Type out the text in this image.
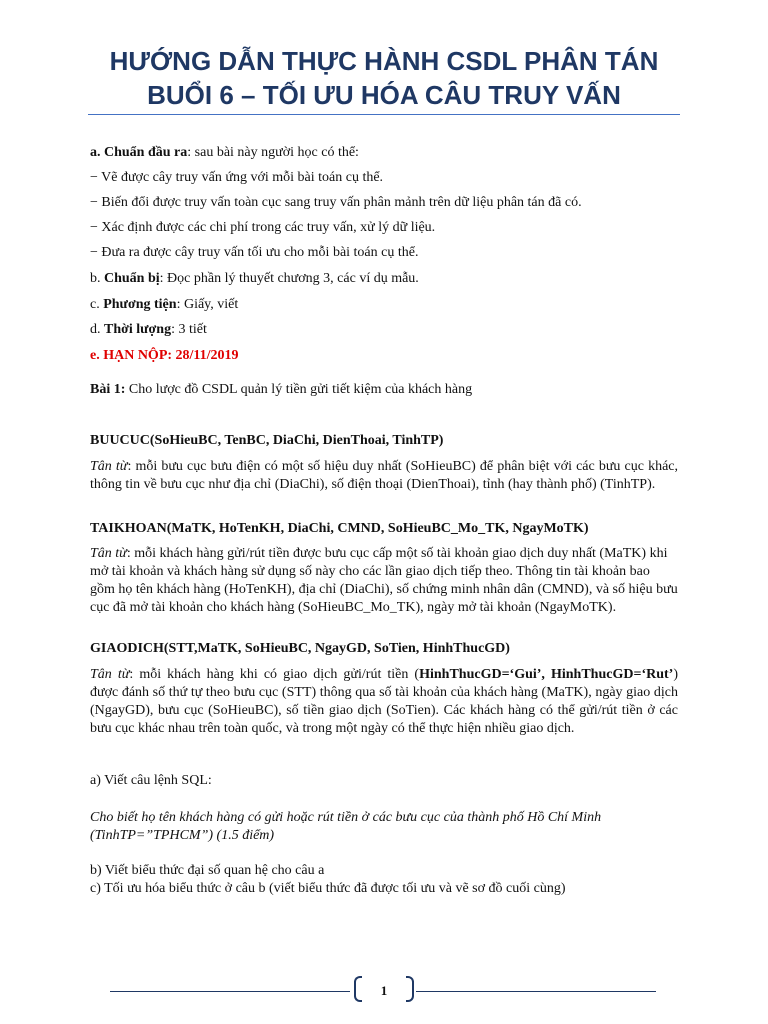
HƯỚNG DẪN THỰC HÀNH CSDL PHÂN TÁN
BUỔI 6 – TỐI ƯU HÓA CÂU TRUY VẤN
a. Chuẩn đầu ra: sau bài này người học có thể:
− Vẽ được cây truy vấn ứng với mỗi bài toán cụ thể.
− Biến đổi được truy vấn toàn cục sang truy vấn phân mảnh trên dữ liệu phân tán đã có.
− Xác định được các chi phí trong các truy vấn, xử lý dữ liệu.
− Đưa ra được cây truy vấn tối ưu cho mỗi bài toán cụ thể.
b. Chuẩn bị: Đọc phần lý thuyết chương 3, các ví dụ mẫu.
c. Phương tiện: Giấy, viết
d. Thời lượng: 3 tiết
e. HẠN NỘP: 28/11/2019
Bài 1: Cho lược đồ CSDL quản lý tiền gửi tiết kiệm của khách hàng
BUUCUC(SoHieuBC, TenBC, DiaChi, DienThoai, TinhTP)
Tân từ: mỗi bưu cục bưu điện có một số hiệu duy nhất (SoHieuBC) để phân biệt với các bưu cục khác, thông tin về bưu cục như địa chỉ (DiaChi), số điện thoại (DienThoai), tỉnh (hay thành phố) (TinhTP).
TAIKHOAN(MaTK, HoTenKH, DiaChi, CMND, SoHieuBC_Mo_TK, NgayMoTK)
Tân từ: mỗi khách hàng gửi/rút tiền được bưu cục cấp một số tài khoản giao dịch duy nhất (MaTK) khi mở tài khoản và khách hàng sử dụng số này cho các lần giao dịch tiếp theo. Thông tin tài khoản bao gồm họ tên khách hàng (HoTenKH), địa chỉ (DiaChi), số chứng minh nhân dân (CMND), và số hiệu bưu cục đã mở tài khoản cho khách hàng (SoHieuBC_Mo_TK), ngày mở tài khoản (NgayMoTK).
GIAODICH(STT,MaTK, SoHieuBC, NgayGD, SoTien, HinhThucGD)
Tân từ: mỗi khách hàng khi có giao dịch gửi/rút tiền (HinhThucGD=‘Gui’, HinhThucGD=‘Rut’) được đánh số thứ tự theo bưu cục (STT) thông qua số tài khoản của khách hàng (MaTK), ngày giao dịch (NgayGD), bưu cục (SoHieuBC), số tiền giao dịch (SoTien). Các khách hàng có thể gửi/rút tiền ở các bưu cục khác nhau trên toàn quốc, và trong một ngày có thể thực hiện nhiều giao dịch.
a) Viết câu lệnh SQL:
Cho biết họ tên khách hàng có gửi hoặc rút tiền ở các bưu cục của thành phố Hồ Chí Minh (TinhTP=”TPHCM”) (1.5 điểm)
b) Viết biểu thức đại số quan hệ cho câu a
c) Tối ưu hóa biểu thức ở câu b (viết biểu thức đã được tối ưu và vẽ sơ đồ cuối cùng)
1
